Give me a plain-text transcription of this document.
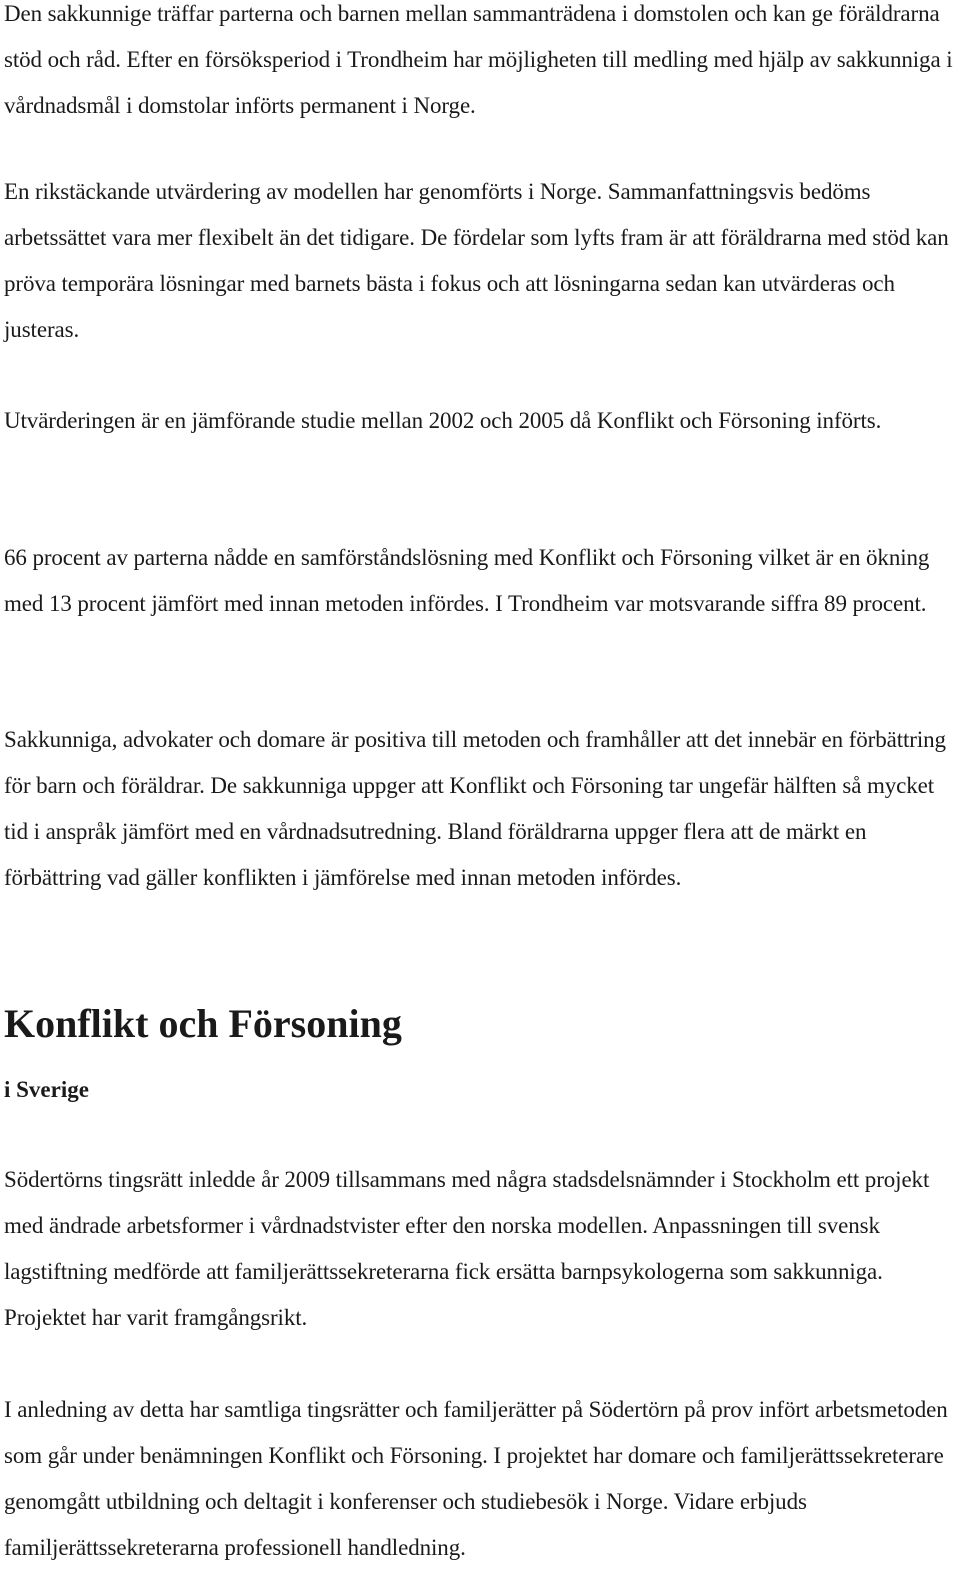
Den sakkunnige träffar parterna och barnen mellan sammanträdena i domstolen och kan ge föräldrarna stöd och råd. Efter en försöksperiod i Trondheim har möjligheten till medling med hjälp av sakkunniga i vårdnadsmål i domstolar införts permanent i Norge.

En rikstäckande utvärdering av modellen har genomförts i Norge. Sammanfattningsvis bedöms arbetssättet vara mer flexibelt än det tidigare. De fördelar som lyfts fram är att föräldrarna med stöd kan pröva temporära lösningar med barnets bästa i fokus och att lösningarna sedan kan utvärderas och justeras.

Utvärderingen är en jämförande studie mellan 2002 och 2005 då Konflikt och Försoning införts.

66 procent av parterna nådde en samförståndslösning med Konflikt och Försoning vilket är en ökning med 13 procent jämfört med innan metoden infördes. I Trondheim var motsvarande siffra 89 procent.

Sakkunniga, advokater och domare är positiva till metoden och framhåller att det innebär en förbättring för barn och föräldrar. De sakkunniga uppger att Konflikt och Försoning tar ungefär hälften så mycket tid i anspråk jämfört med en vårdnadsutredning. Bland föräldrarna uppger flera att de märkt en förbättring vad gäller konflikten i jämförelse med innan metoden infördes.

Konflikt och Försoning
i Sverige

Södertörns tingsrätt inledde år 2009 tillsammans med några stadsdelsnämnder i Stockholm ett projekt med ändrade arbetsformer i vårdnadstvister efter den norska modellen. Anpassningen till svensk lagstiftning medförde att familjerättssekreterarna fick ersätta barnpsykologerna som sakkunniga. Projektet har varit framgångsrikt.

I anledning av detta har samtliga tingsrätter och familjerätter på Södertörn på prov infört arbetsmetoden som går under benämningen Konflikt och Försoning. I projektet har domare och familjerättssekreterare genomgått utbildning och deltagit i konferenser och studiebesök i Norge. Vidare erbjuds familjerättssekreterarna professionell handledning.
